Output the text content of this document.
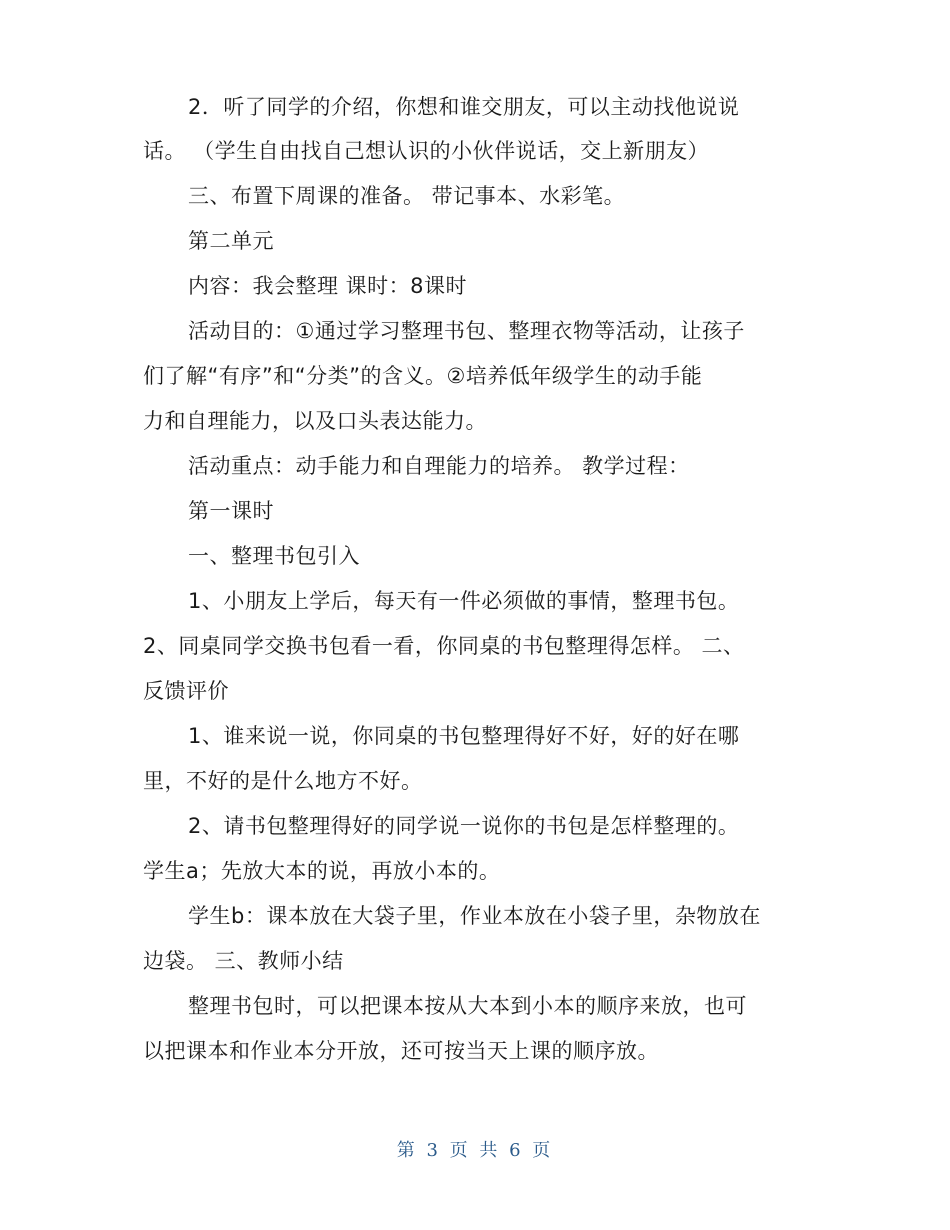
2．听了同学的介绍，你想和谁交朋友，可以主动找他说说
话。 （学生自由找自己想认识的小伙伴说话，交上新朋友）
三、布置下周课的准备。 带记事本、水彩笔。
第二单元
内容：我会整理 课时：8课时
活动目的：①通过学习整理书包、整理衣物等活动，让孩子
们了解“有序”和“分类”的含义。②培养低年级学生的动手能
力和自理能力，以及口头表达能力。
活动重点：动手能力和自理能力的培养。 教学过程：
第一课时
一、整理书包引入
1、小朋友上学后，每天有一件必须做的事情，整理书包。
2、同桌同学交换书包看一看，你同桌的书包整理得怎样。 二、
反馈评价
1、谁来说一说，你同桌的书包整理得好不好，好的好在哪
里，不好的是什么地方不好。
2、请书包整理得好的同学说一说你的书包是怎样整理的。
学生a；先放大本的说，再放小本的。
学生b：课本放在大袋子里，作业本放在小袋子里，杂物放在
边袋。 三、教师小结
整理书包时，可以把课本按从大本到小本的顺序来放，也可
以把课本和作业本分开放，还可按当天上课的顺序放。
第 3 页 共 6 页
